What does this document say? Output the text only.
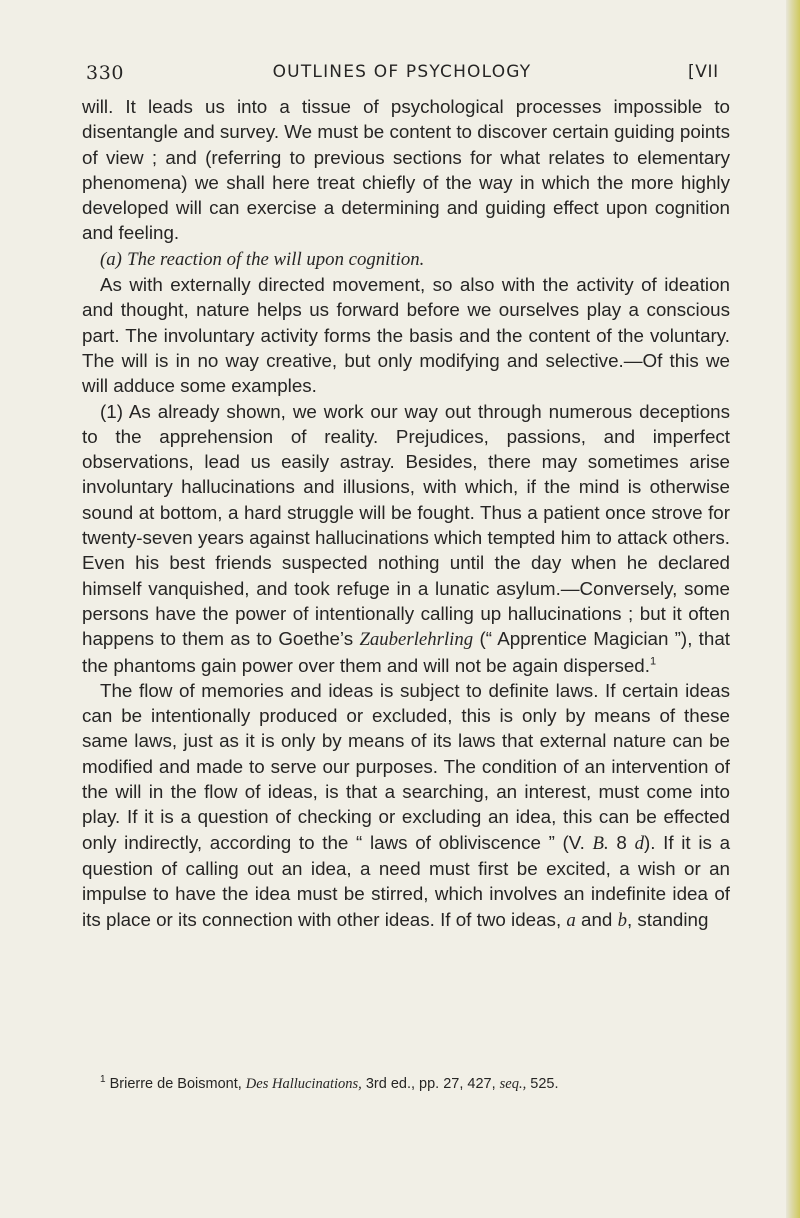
330	OUTLINES OF PSYCHOLOGY	[VII

will. It leads us into a tissue of psychological processes impossible to disentangle and survey. We must be content to discover certain guiding points of view ; and (referring to previous sections for what relates to elementary phenomena) we shall here treat chiefly of the way in which the more highly developed will can exercise a determining and guiding effect upon cognition and feeling.

(a) The reaction of the will upon cognition.

As with externally directed movement, so also with the activity of ideation and thought, nature helps us forward before we ourselves play a conscious part. The involuntary activity forms the basis and the content of the voluntary. The will is in no way creative, but only modifying and selective.—Of this we will adduce some examples.

(1) As already shown, we work our way out through numerous deceptions to the apprehension of reality. Prejudices, passions, and imperfect observations, lead us easily astray. Besides, there may sometimes arise involuntary hallucinations and illusions, with which, if the mind is otherwise sound at bottom, a hard struggle will be fought. Thus a patient once strove for twenty-seven years against hallucinations which tempted him to attack others. Even his best friends suspected nothing until the day when he declared himself vanquished, and took refuge in a lunatic asylum.—Conversely, some persons have the power of intentionally calling up hallucinations ; but it often happens to them as to Goethe’s Zauberlehrling (“ Apprentice Magician ”), that the phantoms gain power over them and will not be again dispersed.$^1$

The flow of memories and ideas is subject to definite laws. If certain ideas can be intentionally produced or excluded, this is only by means of these same laws, just as it is only by means of its laws that external nature can be modified and made to serve our purposes. The condition of an intervention of the will in the flow of ideas, is that a searching, an interest, must come into play. If it is a question of checking or excluding an idea, this can be effected only indirectly, according to the “ laws of obliviscence ” (V. B. 8 d). If it is a question of calling out an idea, a need must first be excited, a wish or an impulse to have the idea must be stirred, which involves an indefinite idea of its place or its connection with other ideas. If of two ideas, a and b, standing

$^1$ Brierre de Boismont, Des Hallucinations, 3rd ed., pp. 27, 427, seq., 525.
